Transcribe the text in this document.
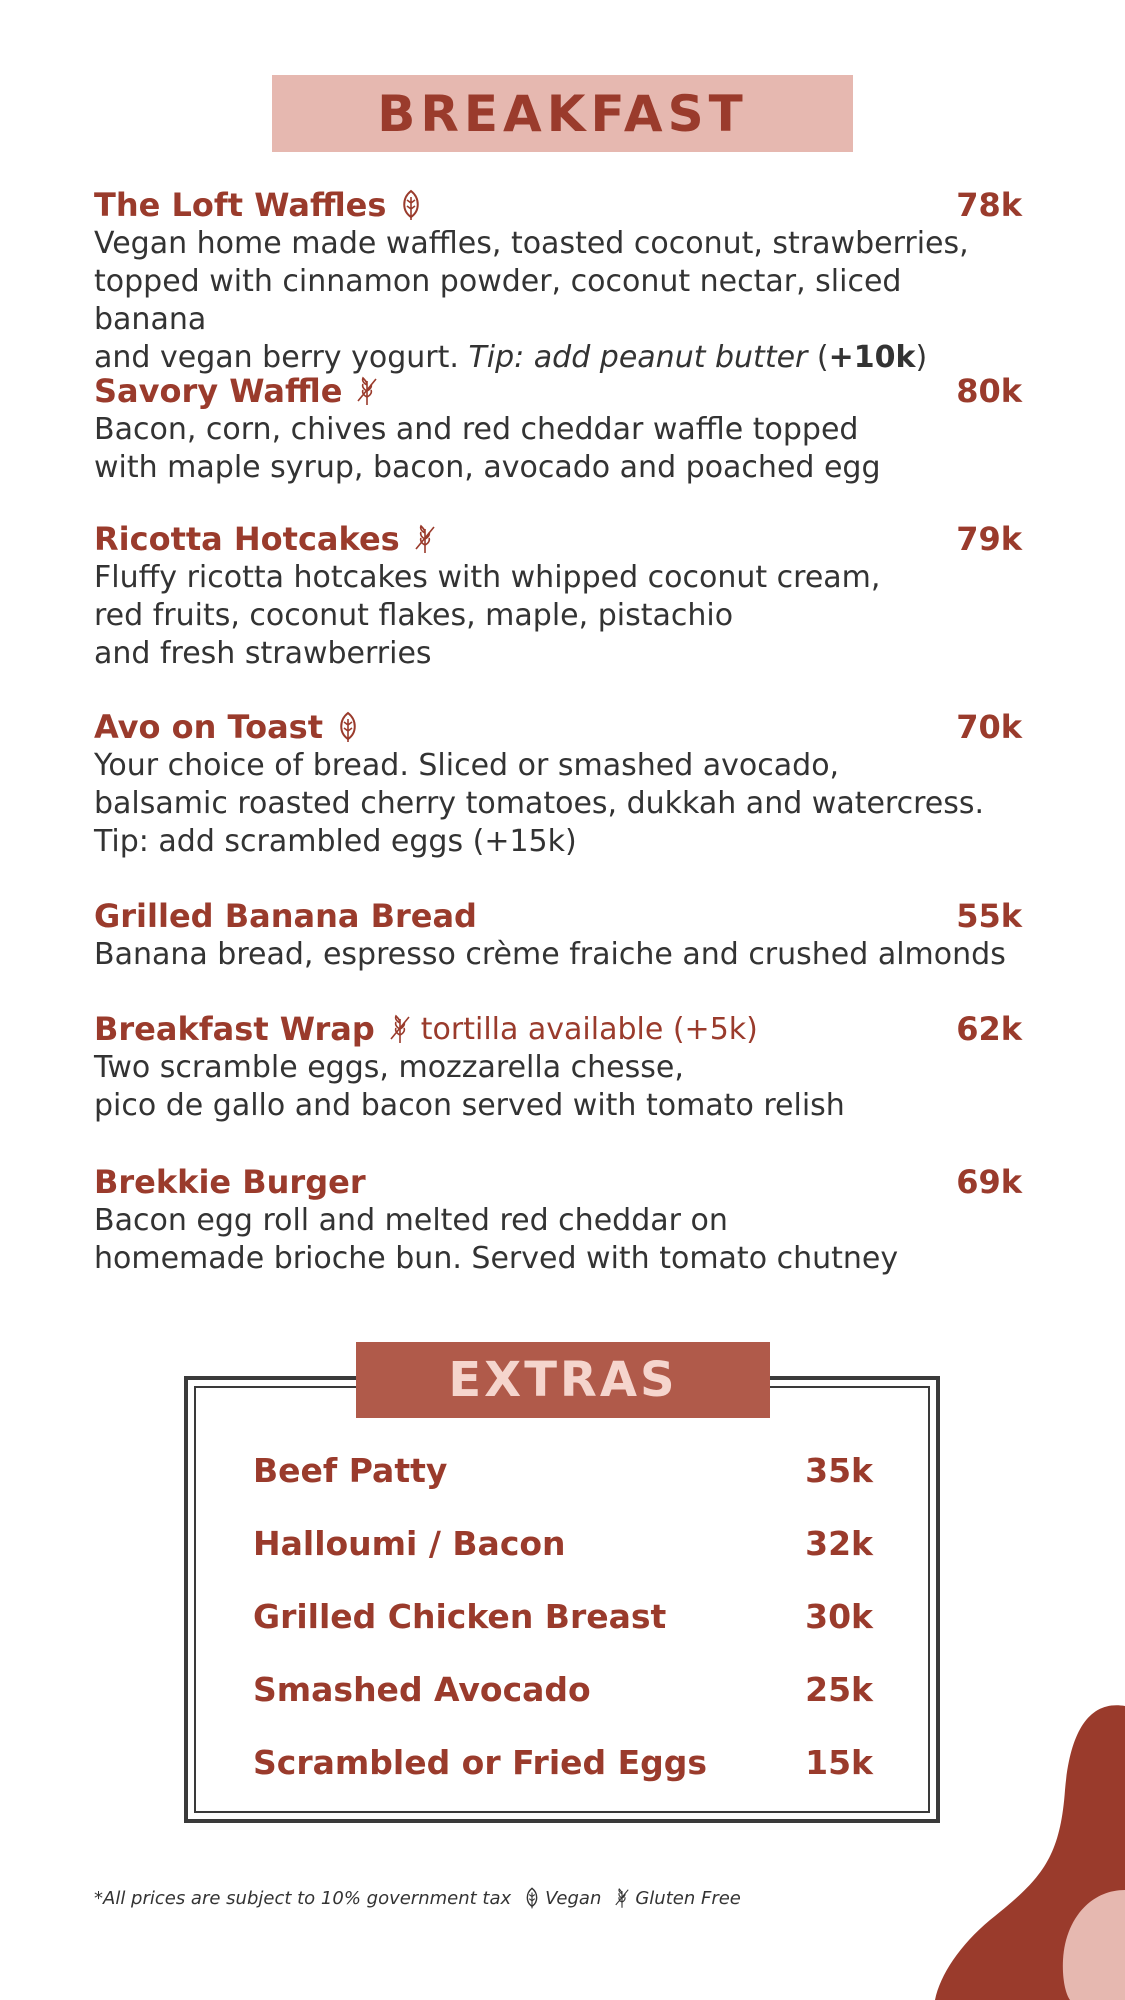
BREAKFAST
The Loft Waffles	78k
Vegan home made waffles, toasted coconut, strawberries,
topped with cinnamon powder, coconut nectar, sliced banana
and vegan berry yogurt. Tip: add peanut butter (+10k)
Savory Waffle	80k
Bacon, corn, chives and red cheddar waffle topped
with maple syrup, bacon, avocado and poached egg
Ricotta Hotcakes	79k
Fluffy ricotta hotcakes with whipped coconut cream,
red fruits, coconut flakes, maple, pistachio
and fresh strawberries
Avo on Toast	70k
Your choice of bread. Sliced or smashed avocado,
balsamic roasted cherry tomatoes, dukkah and watercress.
Tip: add scrambled eggs (+15k)
Grilled Banana Bread	55k
Banana bread, espresso crème fraiche and crushed almonds
Breakfast Wrap tortilla available (+5k)	62k
Two scramble eggs, mozzarella chesse,
pico de gallo and bacon served with tomato relish
Brekkie Burger	69k
Bacon egg roll and melted red cheddar on
homemade brioche bun. Served with tomato chutney
EXTRAS
Beef Patty	35k
Halloumi / Bacon	32k
Grilled Chicken Breast	30k
Smashed Avocado	25k
Scrambled or Fried Eggs	15k
*All prices are subject to 10% government tax Vegan Gluten Free
